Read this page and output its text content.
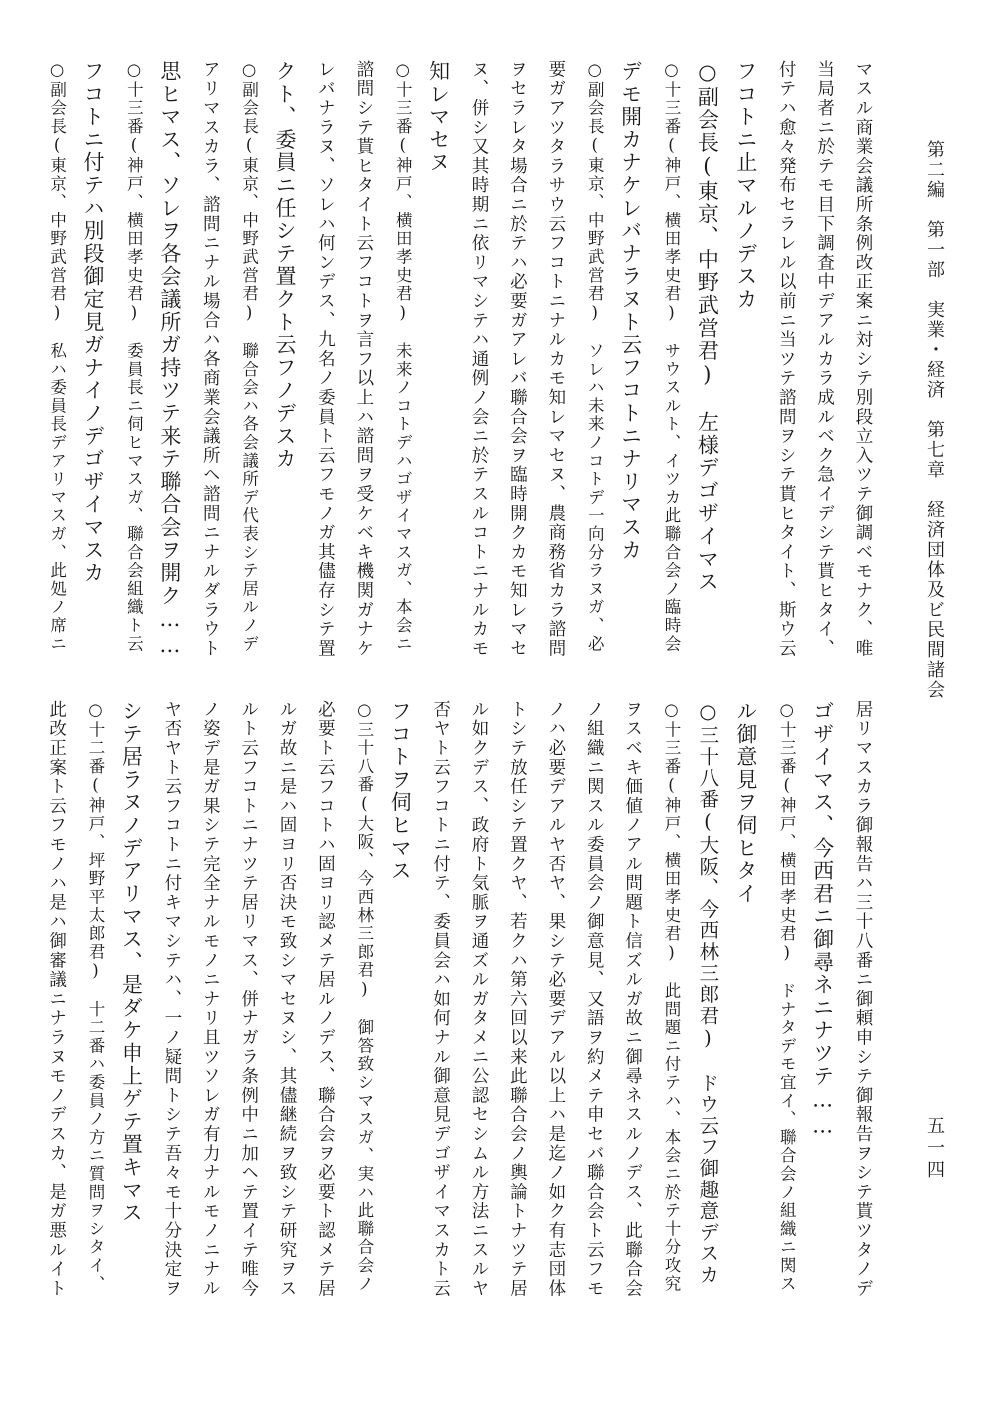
第二編　第一部　実業・経済　第七章　経済団体及ビ民間諸会
五一四
マスル商業会議所条例改正案ニ対シテ別段立入ツテ御調ベモナク、唯
当局者ニ於テモ目下調査中デアルカラ成ルベク急イデシテ貰ヒタイ、
付テハ愈々発布セラレル以前ニ当ツテ諮問ヲシテ貰ヒタイト、斯ウ云
フコトニ止マルノデスカ
○副会長(東京、中野武営君)　左様デゴザイマス
○十三番(神戸、横田孝史君)　サウスルト、イツカ此聯合会ノ臨時会
デモ開カナケレバナラヌト云フコトニナリマスカ
○副会長(東京、中野武営君)　ソレハ未来ノコトデ一向分ラヌガ、必
要ガアツタラサウ云フコトニナルカモ知レマセヌ、農商務省カラ諮問
ヲセラレタ場合ニ於テハ必要ガアレバ聯合会ヲ臨時開クカモ知レマセ
ヌ、併シ又其時期ニ依リマシテハ通例ノ会ニ於テスルコトニナルカモ
知レマセヌ
○十三番(神戸、横田孝史君)　未来ノコトデハゴザイマスガ、本会ニ
諮問シテ貰ヒタイト云フコトヲ言フ以上ハ諮問ヲ受ケベキ機関ガナケ
レバナラヌ、ソレハ何ンデス、九名ノ委員ト云フモノガ其儘存シテ置
クト、委員ニ任シテ置クト云フノデスカ
○副会長(東京、中野武営君)　聯合会ハ各会議所デ代表シテ居ルノデ
アリマスカラ、諮問ニナル場合ハ各商業会議所ヘ諮問ニナルダラウト
思ヒマス、ソレヲ各会議所ガ持ツテ来テ聯合会ヲ開ク……
○十三番(神戸、横田孝史君)　委員長ニ伺ヒマスガ、聯合会組織ト云
フコトニ付テハ別段御定見ガナイノデゴザイマスカ
○副会長(東京、中野武営君)　私ハ委員長デアリマスガ、此処ノ席ニ
居リマスカラ御報告ハ三十八番ニ御頼申シテ御報告ヲシテ貰ツタノデ
ゴザイマス、今西君ニ御尋ネニナツテ……
○十三番(神戸、横田孝史君)　ドナタデモ宜イ、聯合会ノ組織ニ関ス
ル御意見ヲ伺ヒタイ
○三十八番(大阪、今西林三郎君)　ドウ云フ御趣意デスカ
○十三番(神戸、横田孝史君)　此問題ニ付テハ、本会ニ於テ十分攻究
ヲスベキ価値ノアル問題ト信ズルガ故ニ御尋ネスルノデス、此聯合会
ノ組織ニ関スル委員会ノ御意見、又語ヲ約メテ申セバ聯合会ト云フモ
ノハ必要デアルヤ否ヤ、果シテ必要デアル以上ハ是迄ノ如ク有志団体
トシテ放任シテ置クヤ、若クハ第六回以来此聯合会ノ輿論トナツテ居
ル如クデス、政府ト気脈ヲ通ズルガタメニ公認セシムル方法ニスルヤ
否ヤト云フコトニ付テ、委員会ハ如何ナル御意見デゴザイマスカト云
フコトヲ伺ヒマス
○三十八番(大阪、今西林三郎君)　御答致シマスガ、実ハ此聯合会ノ
必要ト云フコトハ固ヨリ認メテ居ルノデス、聯合会ヲ必要ト認メテ居
ルガ故ニ是ハ固ヨリ否決モ致シマセヌシ、其儘継続ヲ致シテ研究ヲス
ルト云フコトニナツテ居リマス、併ナガラ条例中ニ加ヘテ置イテ唯今
ノ姿デ是ガ果シテ完全ナルモノニナリ且ツソレガ有力ナルモノニナル
ヤ否ヤト云フコトニ付キマシテハ、一ノ疑問トシテ吾々モ十分決定ヲ
シテ居ラヌノデアリマス、是ダケ申上ゲテ置キマス
○十二番(神戸、坪野平太郎君)　十二番ハ委員ノ方ニ質問ヲシタイ、
此改正案ト云フモノハ是ハ御審議ニナラヌモノデスカ、是ガ悪ルイト
